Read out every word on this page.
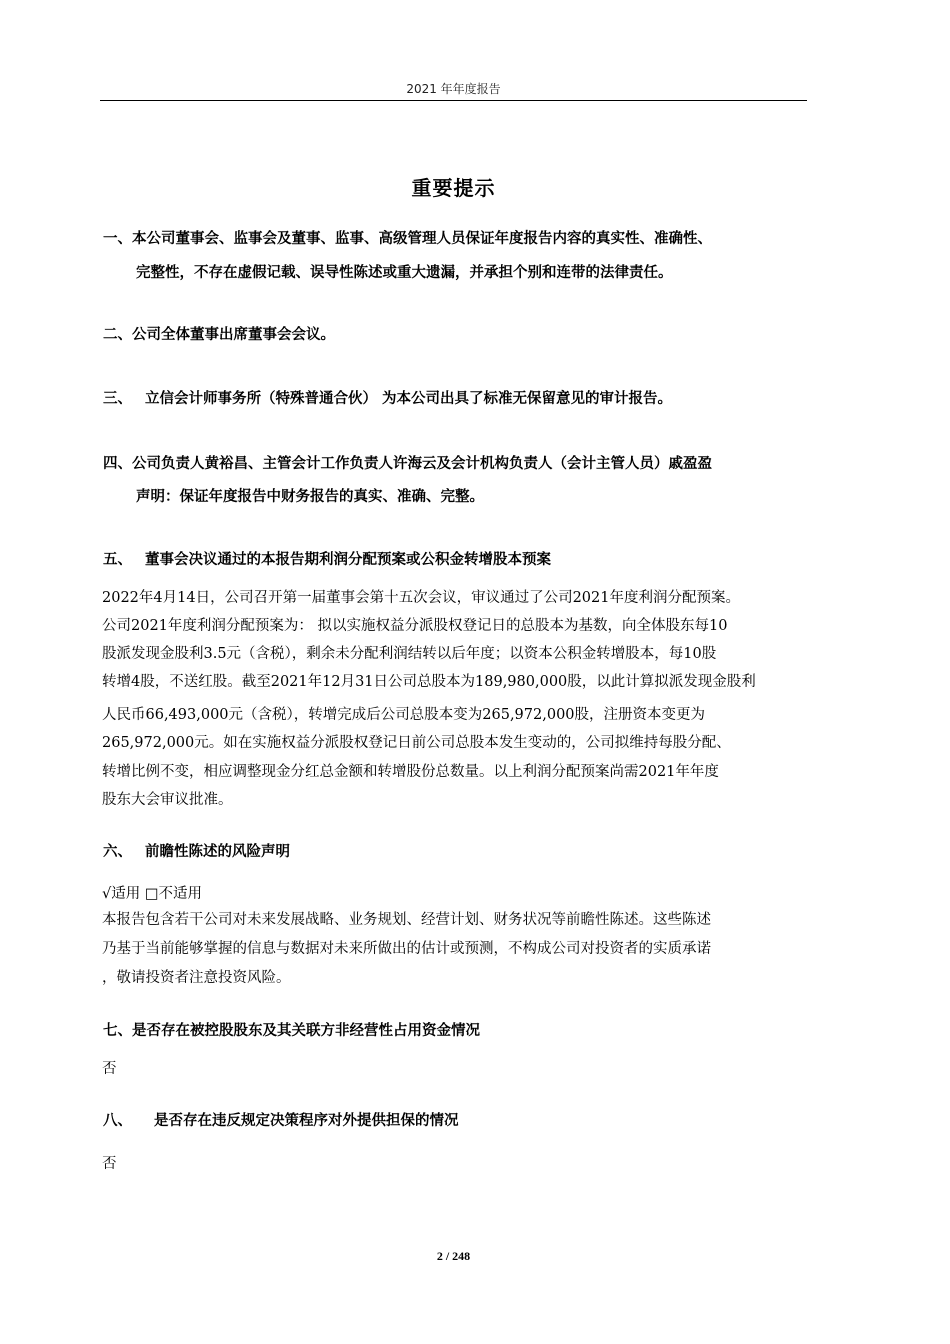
2021 年年度报告
重要提示
一、本公司董事会、监事会及董事、监事、高级管理人员保证年度报告内容的真实性、准确性、
完整性，不存在虚假记载、误导性陈述或重大遗漏，并承担个别和连带的法律责任。
二、公司全体董事出席董事会会议。
三、 立信会计师事务所（特殊普通合伙） 为本公司出具了标准无保留意见的审计报告。
四、公司负责人黄裕昌、主管会计工作负责人许海云及会计机构负责人（会计主管人员）戚盈盈
声明：保证年度报告中财务报告的真实、准确、完整。
五、 董事会决议通过的本报告期利润分配预案或公积金转增股本预案
2022年4月14日，公司召开第一届董事会第十五次会议，审议通过了公司2021年度利润分配预案。
公司2021年度利润分配预案为： 拟以实施权益分派股权登记日的总股本为基数，向全体股东每10
股派发现金股利3.5元（含税），剩余未分配利润结转以后年度；以资本公积金转增股本，每10股
转增4股，不送红股。截至2021年12月31日公司总股本为189,980,000股，以此计算拟派发现金股利
人民币66,493,000元（含税），转增完成后公司总股本变为265,972,000股，注册资本变更为
265,972,000元。如在实施权益分派股权登记日前公司总股本发生变动的，公司拟维持每股分配、
转增比例不变，相应调整现金分红总金额和转增股份总数量。以上利润分配预案尚需2021年年度
股东大会审议批准。
六、 前瞻性陈述的风险声明
√适用 □不适用
本报告包含若干公司对未来发展战略、业务规划、经营计划、财务状况等前瞻性陈述。这些陈述
乃基于当前能够掌握的信息与数据对未来所做出的估计或预测，不构成公司对投资者的实质承诺
，敬请投资者注意投资风险。
七、是否存在被控股股东及其关联方非经营性占用资金情况
否
八、 是否存在违反规定决策程序对外提供担保的情况
否
2 / 248
